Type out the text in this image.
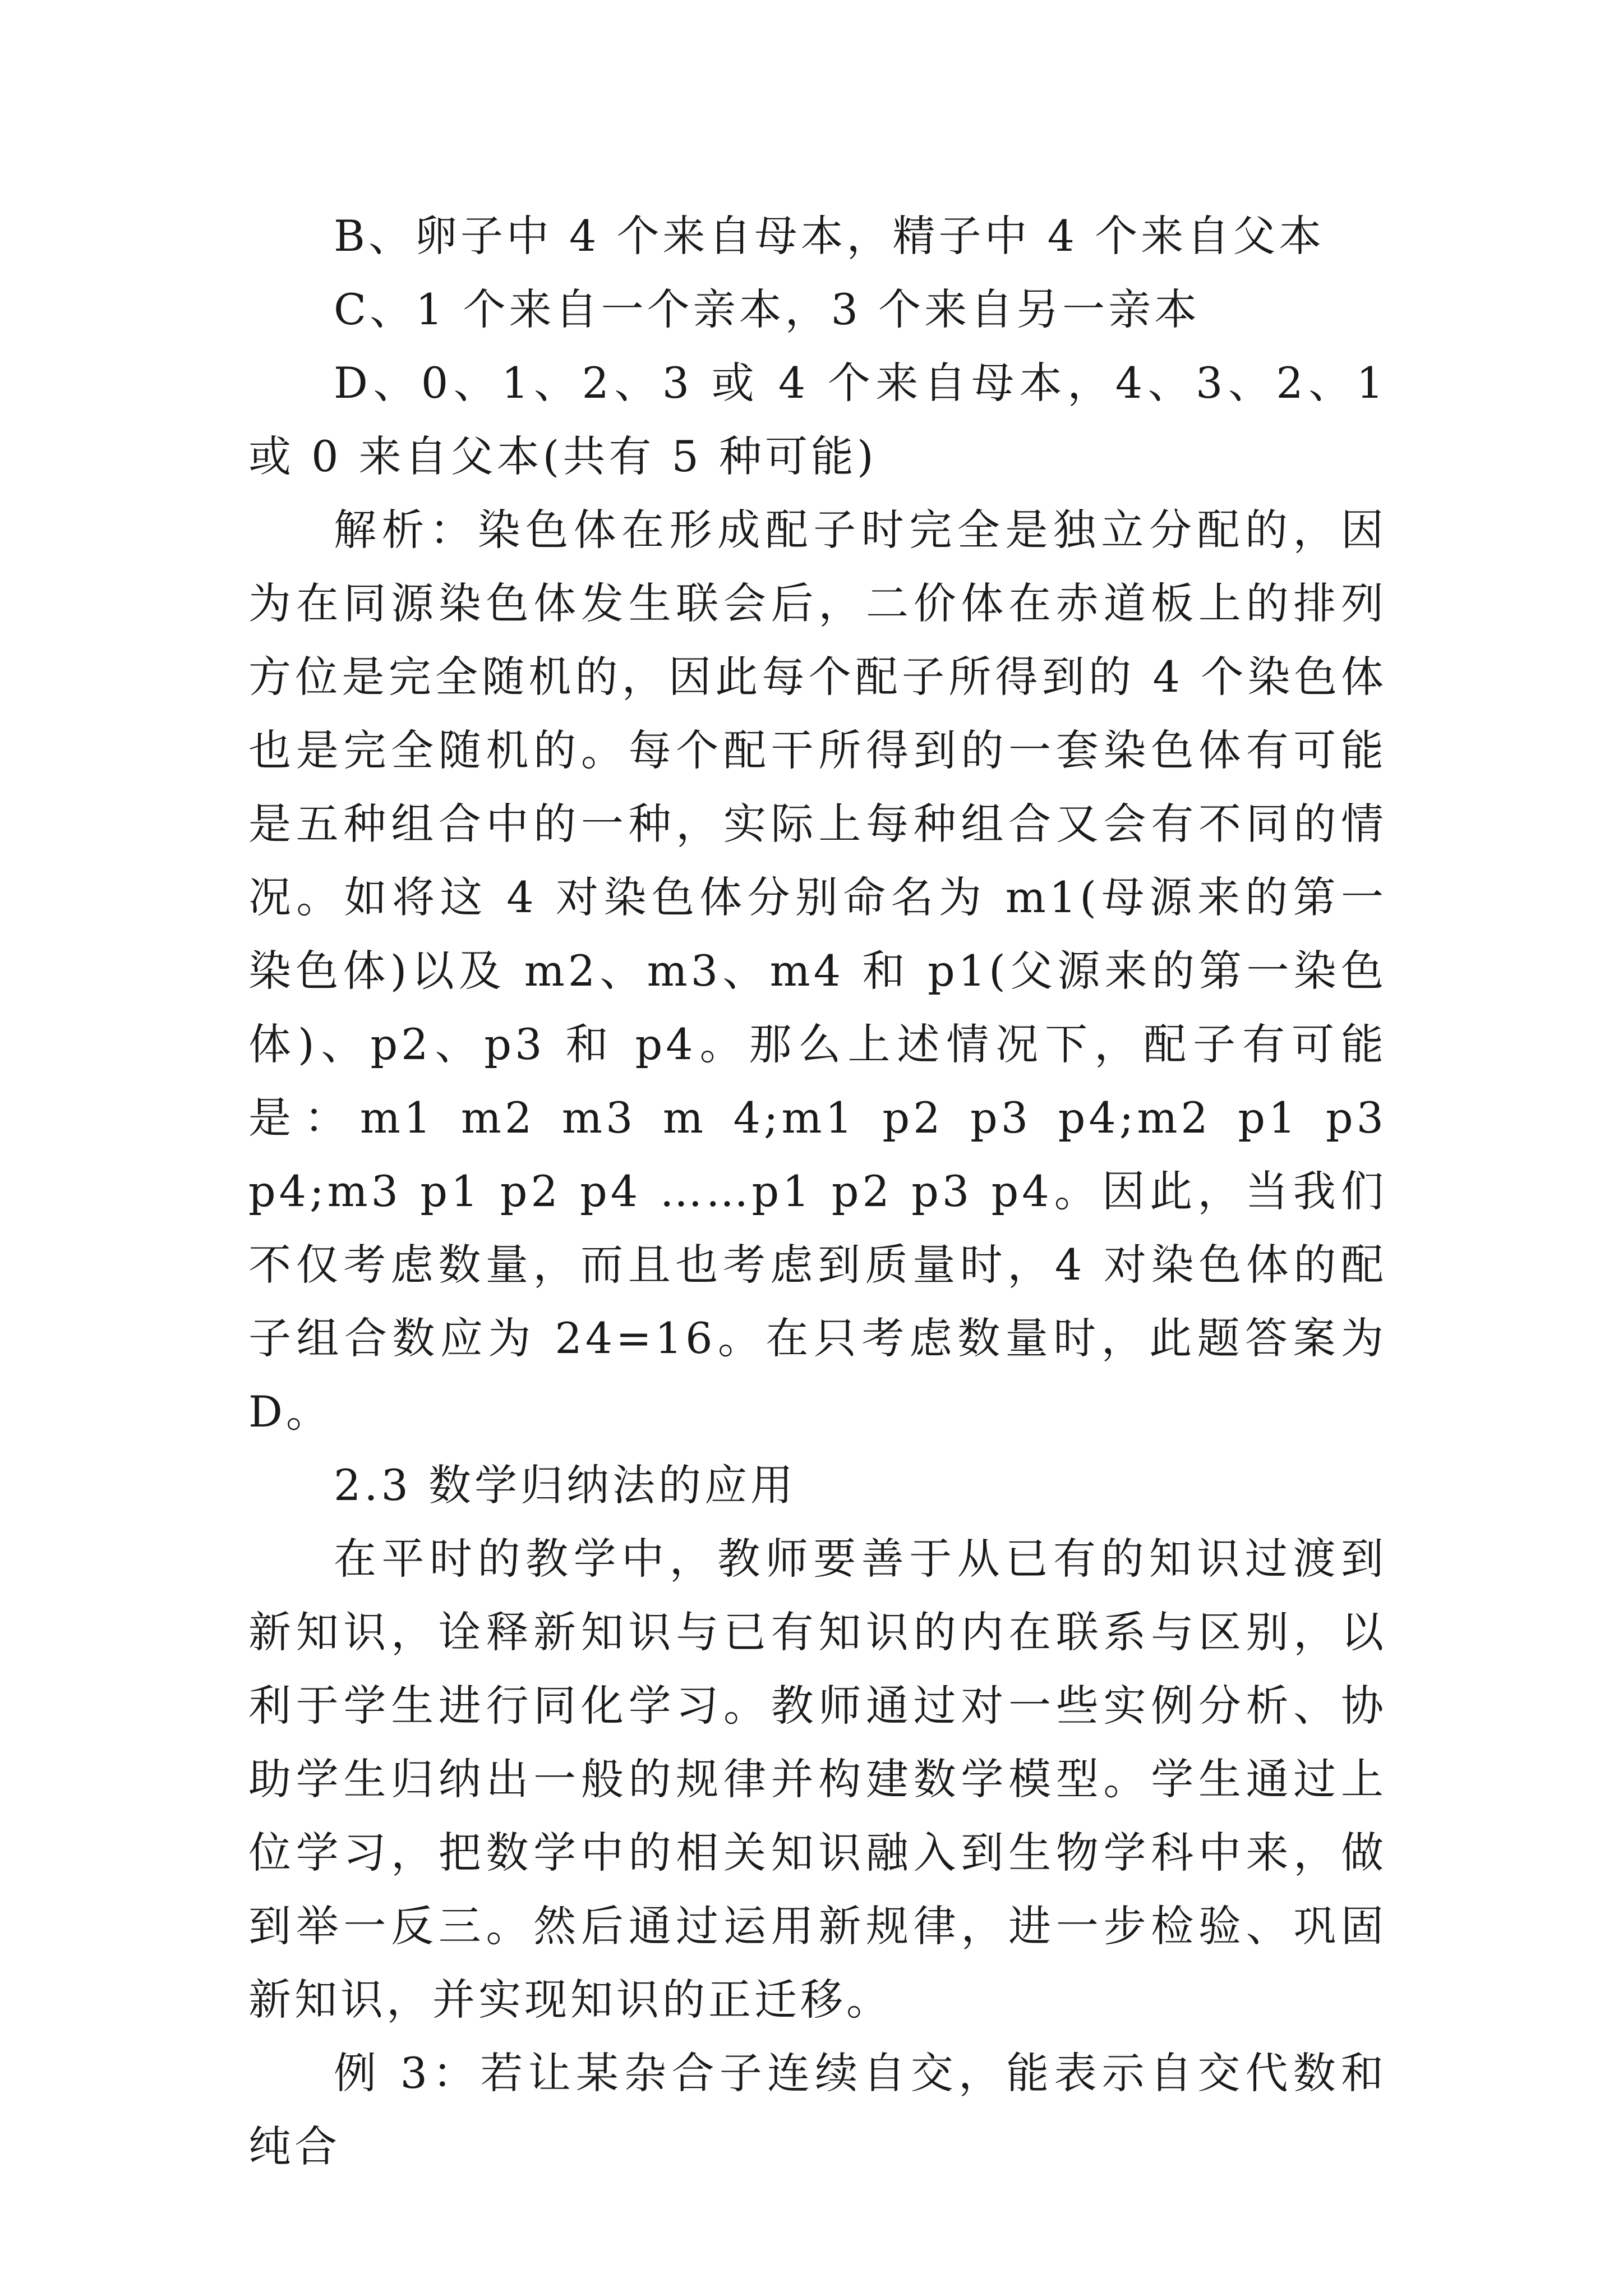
B、卵子中 4 个来自母本，精子中 4 个来自父本

C、1 个来自一个亲本，3 个来自另一亲本

D、0、1、2、3 或 4 个来自母本，4、3、2、1 或 0 来自父本(共有 5 种可能)

解析：染色体在形成配子时完全是独立分配的，因为在同源染色体发生联会后，二价体在赤道板上的排列方位是完全随机的，因此每个配子所得到的 4 个染色体也是完全随机的。每个配干所得到的一套染色体有可能是五种组合中的一种，实际上每种组合又会有不同的情况。如将这 4 对染色体分别命名为 m1(母源来的第一染色体)以及 m2、m3、m4 和 p1(父源来的第一染色体)、p2、p3 和 p4。那么上述情况下，配子有可能是：m1 m2 m3 m 4;m1 p2 p3 p4;m2 p1 p3 p4;m3 p1 p2 p4 ……p1 p2 p3 p4。因此，当我们不仅考虑数量，而且也考虑到质量时，4 对染色体的配子组合数应为 24=16。在只考虑数量时，此题答案为 D。

2.3 数学归纳法的应用

在平时的教学中，教师要善于从已有的知识过渡到新知识，诠释新知识与已有知识的内在联系与区别，以利于学生进行同化学习。教师通过对一些实例分析、协助学生归纳出一般的规律并构建数学模型。学生通过上位学习，把数学中的相关知识融入到生物学科中来，做到举一反三。然后通过运用新规律，进一步检验、巩固新知识，并实现知识的正迁移。

例 3：若让某杂合子连续自交，能表示自交代数和纯合
